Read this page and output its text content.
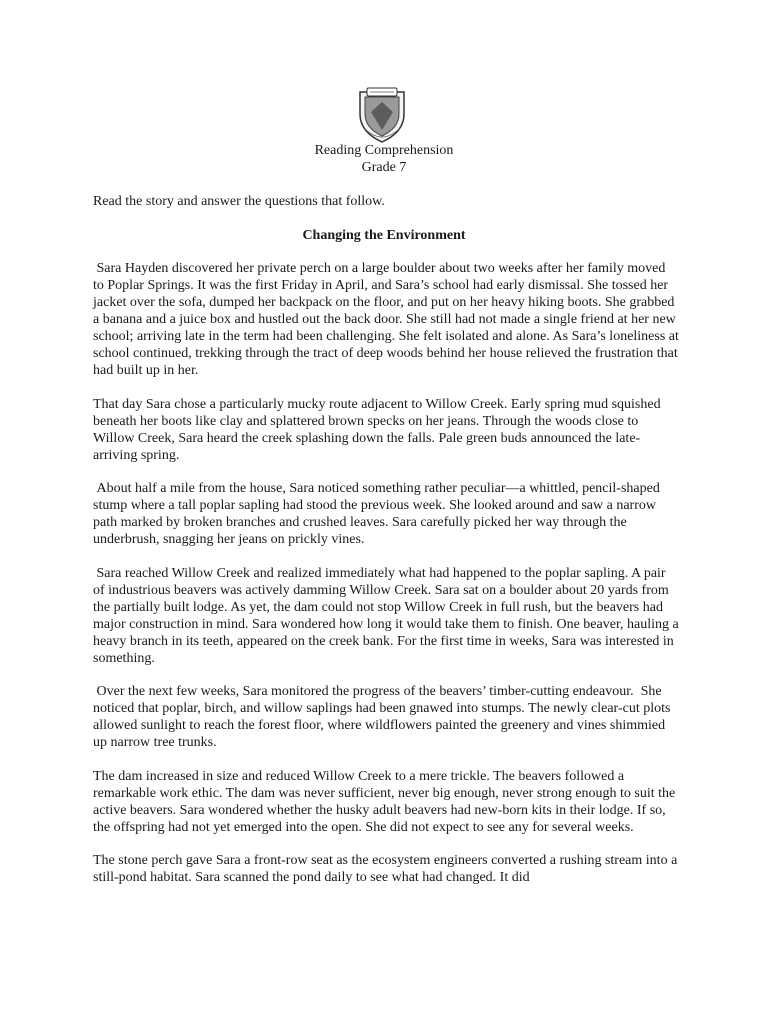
Reading Comprehension
Grade 7
Read the story and answer the questions that follow.
Changing the Environment

Sara Hayden discovered her private perch on a large boulder about two weeks after her family moved to Poplar Springs. It was the first Friday in April, and Sara’s school had early dismissal. She tossed her jacket over the sofa, dumped her backpack on the floor, and put on her heavy hiking boots. She grabbed a banana and a juice box and hustled out the back door. She still had not made a single friend at her new school; arriving late in the term had been challenging. She felt isolated and alone. As Sara’s loneliness at school continued, trekking through the tract of deep woods behind her house relieved the frustration that had built up in her.

That day Sara chose a particularly mucky route adjacent to Willow Creek. Early spring mud squished beneath her boots like clay and splattered brown specks on her jeans. Through the woods close to Willow Creek, Sara heard the creek splashing down the falls. Pale green buds announced the late-arriving spring.

About half a mile from the house, Sara noticed something rather peculiar—a whittled, pencil-shaped stump where a tall poplar sapling had stood the previous week. She looked around and saw a narrow path marked by broken branches and crushed leaves. Sara carefully picked her way through the underbrush, snagging her jeans on prickly vines.

Sara reached Willow Creek and realized immediately what had happened to the poplar sapling. A pair of industrious beavers was actively damming Willow Creek. Sara sat on a boulder about 20 yards from the partially built lodge. As yet, the dam could not stop Willow Creek in full rush, but the beavers had major construction in mind. Sara wondered how long it would take them to finish. One beaver, hauling a heavy branch in its teeth, appeared on the creek bank. For the first time in weeks, Sara was interested in something.

Over the next few weeks, Sara monitored the progress of the beavers’ timber-cutting endeavour.  She noticed that poplar, birch, and willow saplings had been gnawed into stumps. The newly clear-cut plots allowed sunlight to reach the forest floor, where wildflowers painted the greenery and vines shimmied up narrow tree trunks.

The dam increased in size and reduced Willow Creek to a mere trickle. The beavers followed a remarkable work ethic. The dam was never sufficient, never big enough, never strong enough to suit the active beavers. Sara wondered whether the husky adult beavers had new-born kits in their lodge. If so, the offspring had not yet emerged into the open. She did not expect to see any for several weeks.

The stone perch gave Sara a front-row seat as the ecosystem engineers converted a rushing stream into a still-pond habitat. Sara scanned the pond daily to see what had changed. It did
